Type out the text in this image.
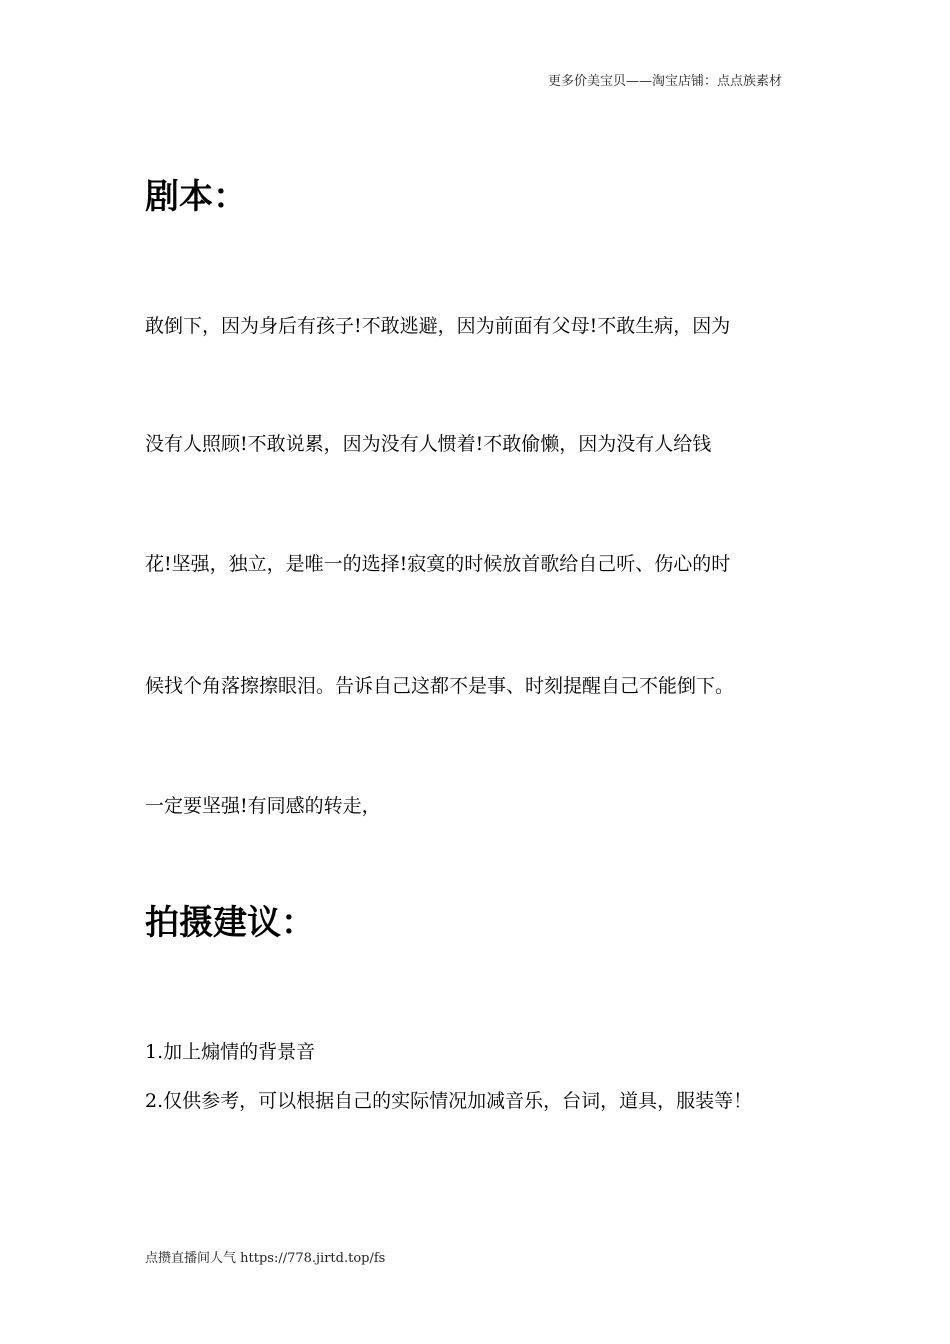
更多价美宝贝——淘宝店铺：点点族素材
剧本：
敢倒下，因为身后有孩子!不敢逃避，因为前面有父母!不敢生病，因为
没有人照顾!不敢说累，因为没有人惯着!不敢偷懒，因为没有人给钱
花!坚强，独立，是唯一的选择!寂寞的时候放首歌给自己听、伤心的时
候找个角落擦擦眼泪。告诉自己这都不是事、时刻提醒自己不能倒下。
一定要坚强!有同感的转走，
拍摄建议：
1.加上煽情的背景音
2.仅供参考，可以根据自己的实际情况加减音乐，台词，道具，服装等！
点攒直播间人气 https://778.jirtd.top/fs
